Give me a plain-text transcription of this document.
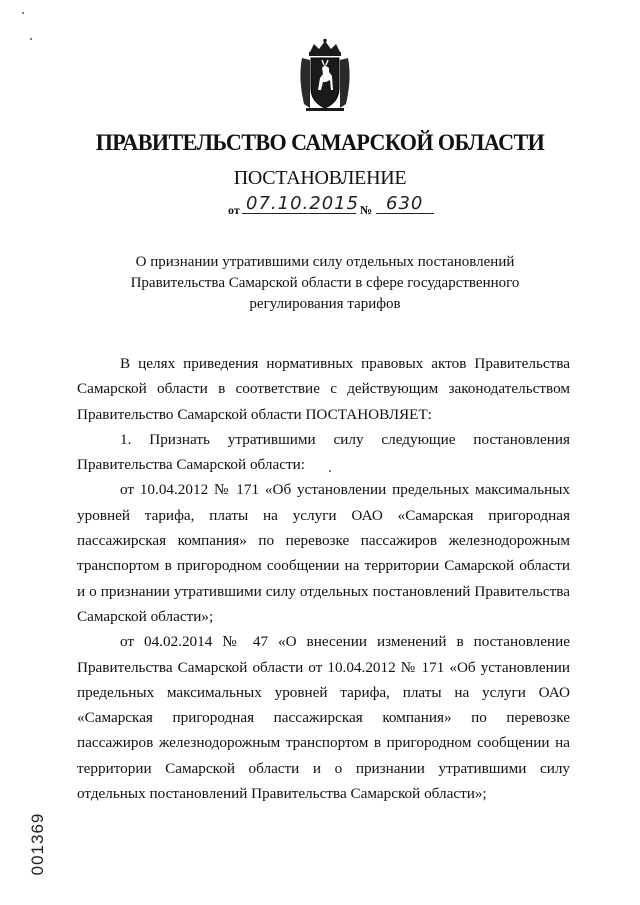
ПРАВИТЕЛЬСТВО САМАРСКОЙ ОБЛАСТИ
ПОСТАНОВЛЕНИЕ
от 07.10.2015 № 630
О признании утратившими силу отдельных постановлений Правительства Самарской области в сфере государственного регулирования тарифов

В целях приведения нормативных правовых актов Правительства Самарской области в соответствие с действующим законодательством Правительство Самарской области ПОСТАНОВЛЯЕТ:

1. Признать утратившими силу следующие постановления Правительства Самарской области:

от 10.04.2012 № 171 «Об установлении предельных максимальных уровней тарифа, платы на услуги ОАО «Самарская пригородная пассажирская компания» по перевозке пассажиров железнодорожным транспортом в пригородном сообщении на территории Самарской области и о признании утратившими силу отдельных постановлений Правительства Самарской области»;

от 04.02.2014 № 47 «О внесении изменений в постановление Правительства Самарской области от 10.04.2012 № 171 «Об установлении предельных максимальных уровней тарифа, платы на услуги ОАО «Самарская пригородная пассажирская компания» по перевозке пассажиров железнодорожным транспортом в пригородном сообщении на территории Самарской области и о признании утратившими силу отдельных постановлений Правительства Самарской области»;

001369
